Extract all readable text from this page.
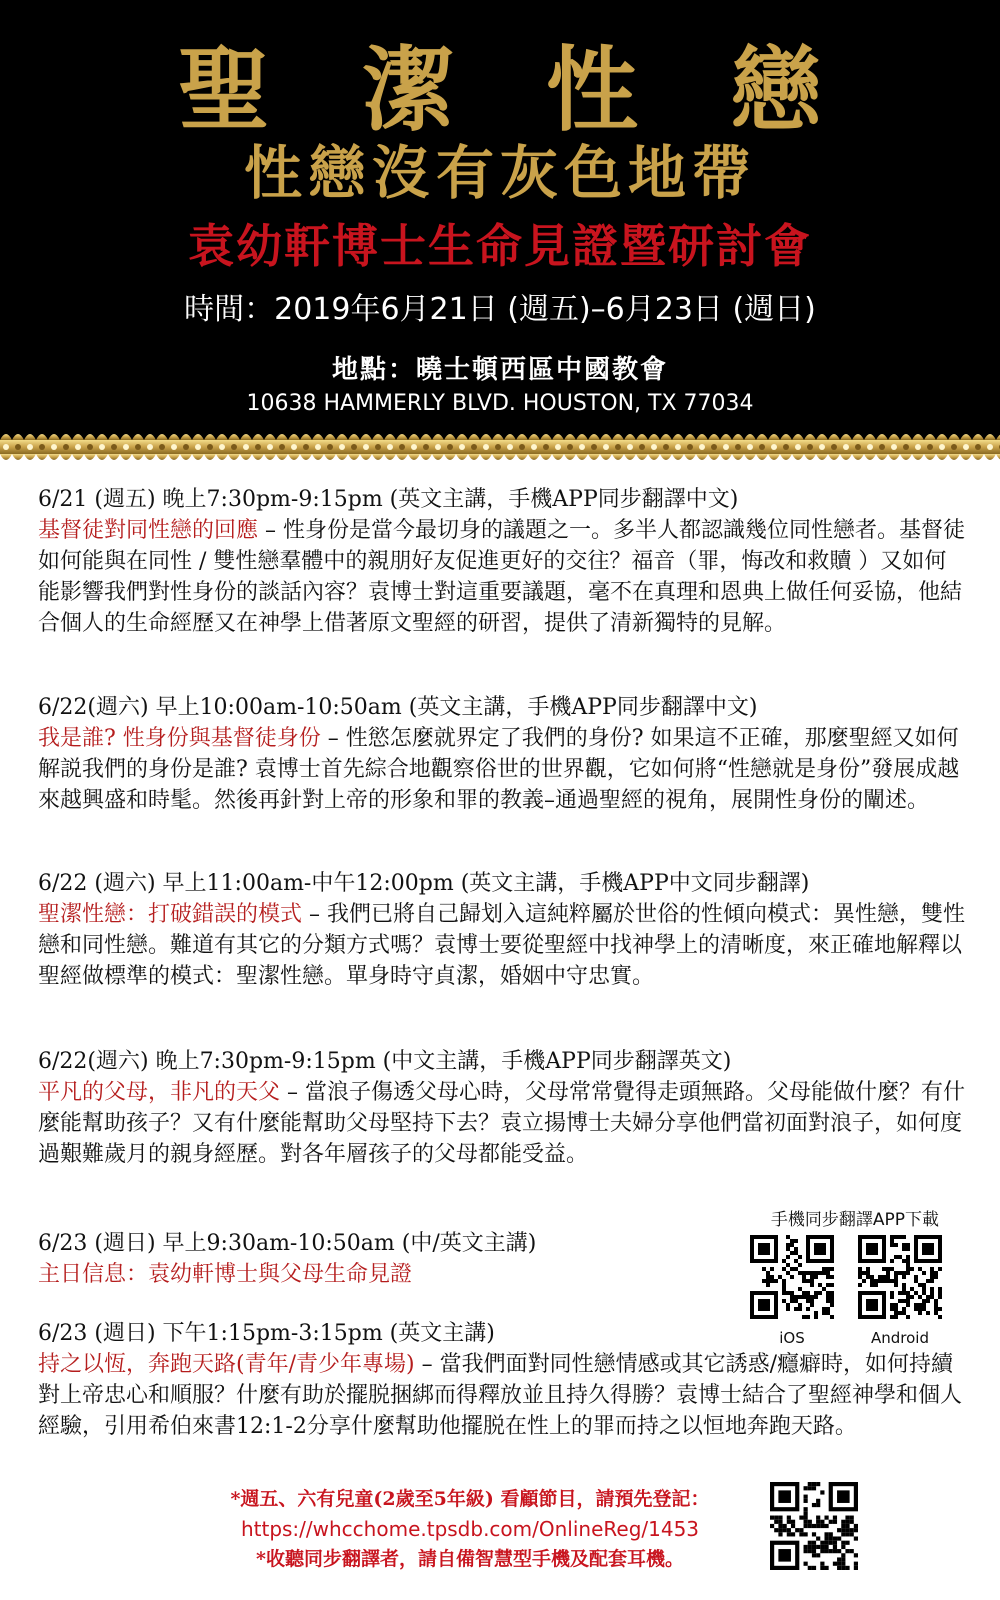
聖 潔 性 戀
性戀沒有灰色地帶
袁幼軒博士生命見證暨研討會
時間：2019年6月21日 (週五)–6月23日 (週日)
地點：曉士頓西區中國教會
10638 HAMMERLY BLVD. HOUSTON, TX 77034
6/21 (週五) 晚上7:30pm-9:15pm (英文主講，手機APP同步翻譯中文)
基督徒對同性戀的回應 – 性身份是當今最切身的議題之一。多半人都認識幾位同性戀者。基督徒如何能與在同性 / 雙性戀羣體中的親朋好友促進更好的交往？福音（罪，悔改和救贖 ）又如何能影響我們對性身份的談話內容？袁博士對這重要議題，毫不在真理和恩典上做任何妥協，他結合個人的生命經歷又在神學上借著原文聖經的研習，提供了清新獨特的見解。
6/22(週六) 早上10:00am-10:50am (英文主講，手機APP同步翻譯中文)
我是誰? 性身份與基督徒身份 – 性慾怎麼就界定了我們的身份? 如果這不正確，那麼聖經又如何解説我們的身份是誰? 袁博士首先綜合地觀察俗世的世界觀，它如何將“性戀就是身份”發展成越來越興盛和時髦。然後再針對上帝的形象和罪的教義–通過聖經的視角，展開性身份的闡述。
6/22 (週六) 早上11:00am-中午12:00pm (英文主講，手機APP中文同步翻譯)
聖潔性戀：打破錯誤的模式 – 我們已將自己歸划入這純粹屬於世俗的性傾向模式：異性戀，雙性戀和同性戀。難道有其它的分類方式嗎？袁博士要從聖經中找神學上的清晰度，來正確地解釋以聖經做標準的模式：聖潔性戀。單身時守貞潔，婚姻中守忠實。
6/22(週六) 晚上7:30pm-9:15pm (中文主講，手機APP同步翻譯英文)
平凡的父母，非凡的天父 – 當浪子傷透父母心時，父母常常覺得走頭無路。父母能做什麼？有什麼能幫助孩子？又有什麼能幫助父母堅持下去？袁立揚博士夫婦分享他們當初面對浪子，如何度過艱難歲月的親身經歷。對各年層孩子的父母都能受益。
6/23 (週日) 早上9:30am-10:50am (中/英文主講)
主日信息：袁幼軒博士與父母生命見證
6/23 (週日) 下午1:15pm-3:15pm (英文主講)
持之以恆，奔跑天路(青年/青少年專場) – 當我們面對同性戀情感或其它誘惑/癮癖時，如何持續對上帝忠心和順服？什麼有助於擺脱捆綁而得釋放並且持久得勝？袁博士結合了聖經神學和個人經驗，引用希伯來書12:1-2分享什麼幫助他擺脱在性上的罪而持之以恒地奔跑天路。
手機同步翻譯APP下載
iOS	Android
*週五、六有兒童(2歲至5年級) 看顧節目，請預先登記：
https://whcchome.tpsdb.com/OnlineReg/1453
*收聽同步翻譯者，請自備智慧型手機及配套耳機。
